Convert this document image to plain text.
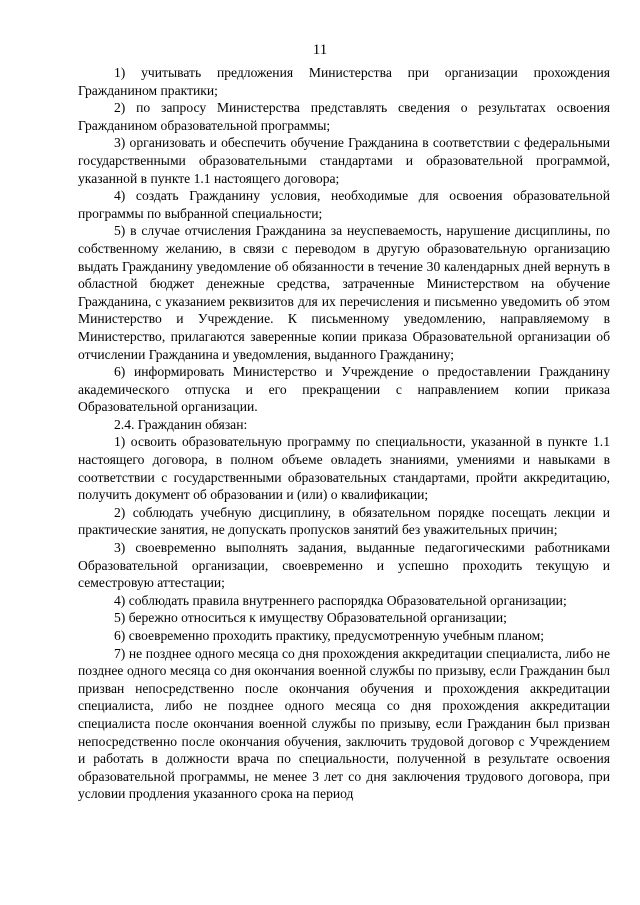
11

1) учитывать предложения Министерства при организации прохождения Гражданином практики;

2) по запросу Министерства представлять сведения о результатах освоения Гражданином образовательной программы;

3) организовать и обеспечить обучение Гражданина в соответствии с федеральными государственными образовательными стандартами и образовательной программой, указанной в пункте 1.1 настоящего договора;

4) создать Гражданину условия, необходимые для освоения образовательной программы по выбранной специальности;

5) в случае отчисления Гражданина за неуспеваемость, нарушение дисциплины, по собственному желанию, в связи с переводом в другую образовательную организацию выдать Гражданину уведомление об обязанности в течение 30 календарных дней вернуть в областной бюджет денежные средства, затраченные Министерством на обучение Гражданина, с указанием реквизитов для их перечисления и письменно уведомить об этом Министерство и Учреждение. К письменному уведомлению, направляемому в Министерство, прилагаются заверенные копии приказа Образовательной организации об отчислении Гражданина и уведомления, выданного Гражданину;

6) информировать Министерство и Учреждение о предоставлении Гражданину академического отпуска и его прекращении с направлением копии приказа Образовательной организации.

2.4. Гражданин обязан:

1) освоить образовательную программу по специальности, указанной в пункте 1.1 настоящего договора, в полном объеме овладеть знаниями, умениями и навыками в соответствии с государственными образовательных стандартами, пройти аккредитацию, получить документ об образовании и (или) о квалификации;

2) соблюдать учебную дисциплину, в обязательном порядке посещать лекции и практические занятия, не допускать пропусков занятий без уважительных причин;

3) своевременно выполнять задания, выданные педагогическими работниками Образовательной организации, своевременно и успешно проходить текущую и семестровую аттестации;

4) соблюдать правила внутреннего распорядка Образовательной организации;

5) бережно относиться к имуществу Образовательной организации;

6) своевременно проходить практику, предусмотренную учебным планом;

7) не позднее одного месяца со дня прохождения аккредитации специалиста, либо не позднее одного месяца со дня окончания военной службы по призыву, если Гражданин был призван непосредственно после окончания обучения и прохождения аккредитации специалиста, либо не позднее одного месяца со дня прохождения аккредитации специалиста после окончания военной службы по призыву, если Гражданин был призван непосредственно после окончания обучения, заключить трудовой договор с Учреждением и работать в должности врача по специальности, полученной в результате освоения образовательной программы, не менее 3 лет со дня заключения трудового договора, при условии продления указанного срока на период
